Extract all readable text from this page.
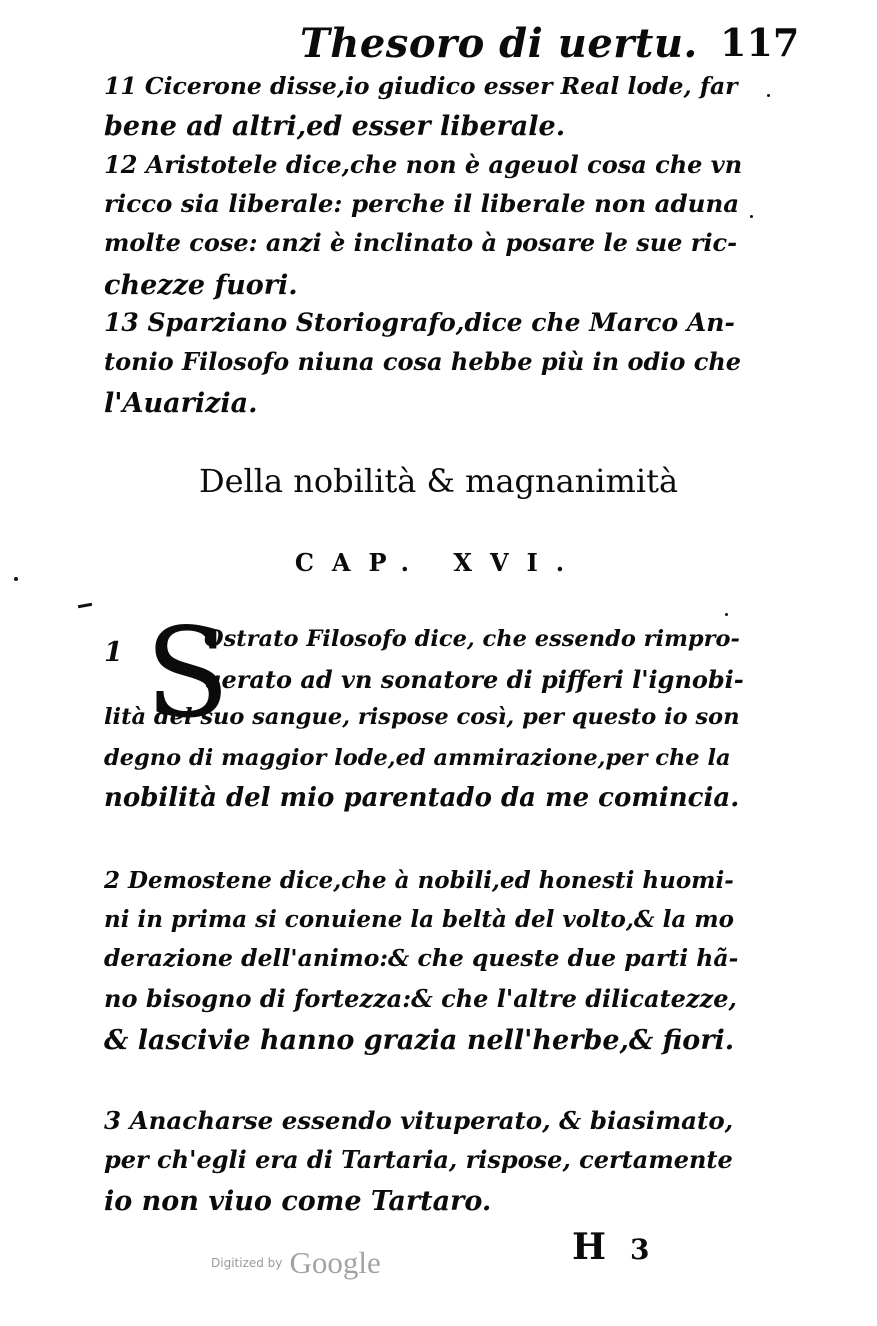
Thesoro di uertu. 117
11 Cicerone disse,io giudico esser Real lode, far
bene ad altri,ed esser liberale.
12 Aristotele dice,che non è ageuol cosa che vn
ricco sia liberale: perche il liberale non aduna
molte cose: anzi è inclinato à posare le sue ric-
chezze fuori.
13 Sparziano Storiografo,dice che Marco An-
tonio Filosofo niuna cosa hebbe più in odio che
l'Auarizia.
Della nobilità & magnanimità
CAP. XVI.
1 S
Ostrato Filosofo dice, che essendo rimpro-
uerato ad vn sonatore di pifferi l'ignobi-
lità del suo sangue, rispose così, per questo io son
degno di maggior lode,ed ammirazione,per che la
nobilità del mio parentado da me comincia.
2 Demostene dice,che à nobili,ed honesti huomi-
ni in prima si conuiene la beltà del volto,& la mo
derazione dell'animo:& che queste due parti hã-
no bisogno di fortezza:& che l'altre dilicatezze,
& lascivie hanno grazia nell'herbe,& fiori.
3 Anacharse essendo vituperato, & biasimato,
per ch'egli era di Tartaria, rispose, certamente
io non viuo come Tartaro.
H 3
Digitized by Google
